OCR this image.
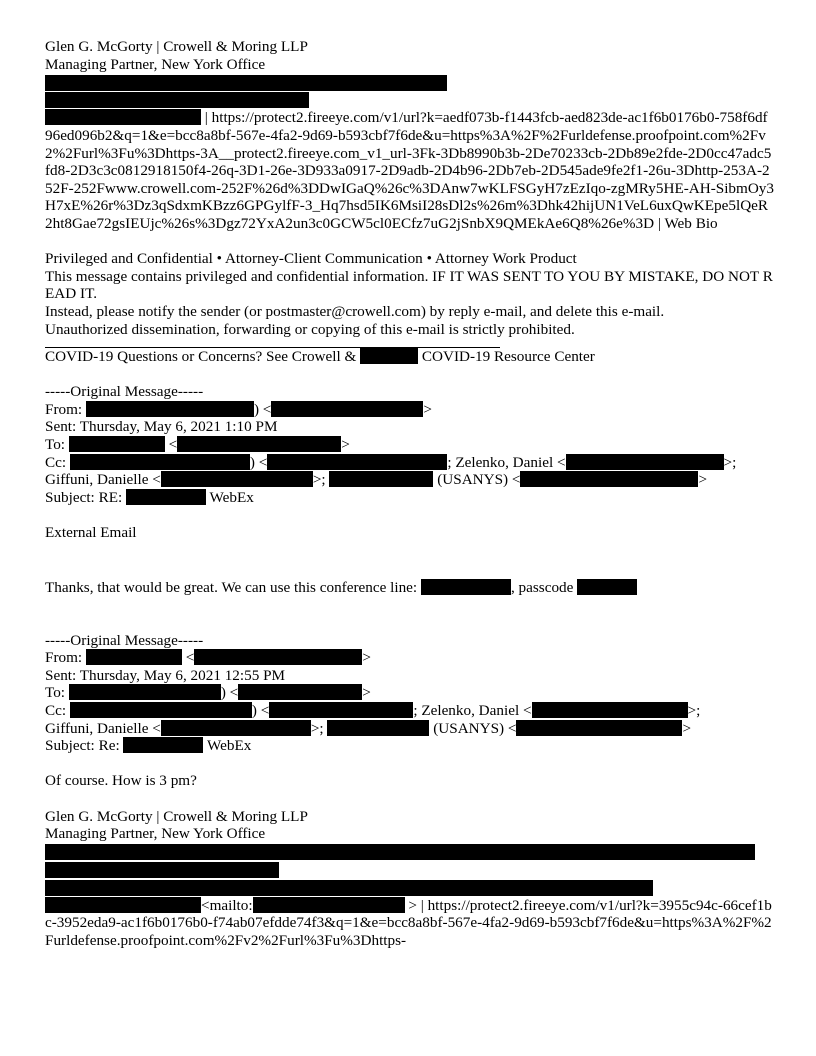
Glen G. McGorty | Crowell & Moring LLP
Managing Partner, New York Office
| https://protect2.fireeye.com/v1/url?k=aedf073b-f1443fcb-aed823de-ac1f6b0176b0-758f6df96ed096b2&q=1&e=bcc8a8bf-567e-4fa2-9d69-b593cbf7f6de&u=https%3A%2F%2Furldefense.proofpoint.com%2Fv2%2Furl%3Fu%3Dhttps-3A__protect2.fireeye.com_v1_url-3Fk-3Db8990b3b-2De70233cb-2Db89e2fde-2D0cc47adc5fd8-2D3c3c0812918150f4-26q-3D1-26e-3D933a0917-2D9adb-2D4b96-2Db7eb-2D545ade9fe2f1-26u-3Dhttp-253A-252F-252Fwww.crowell.com-252F%26d%3DDwIGaQ%26c%3DAnw7wKLFSGyH7zEzIqo-zgMRy5HE-AH-SibmOy3H7xE%26r%3Dz3qSdxmKBzz6GPGylfF-3_Hq7hsd5IK6MsiI28sDl2s%26m%3Dhk42hijUN1VeL6uxQwKEpe5lQeR2ht8Gae72gsIEUjc%26s%3Dgz72YxA2un3c0GCW5cl0ECfz7uG2jSnbX9QMEkAe6Q8%26e%3D | Web Bio
Privileged and Confidential • Attorney-Client Communication • Attorney Work Product
This message contains privileged and confidential information. IF IT WAS SENT TO YOU BY MISTAKE, DO NOT READ IT.
Instead, please notify the sender (or postmaster@crowell.com) by reply e-mail, and delete this e-mail.
Unauthorized dissemination, forwarding or copying of this e-mail is strictly prohibited.
COVID-19 Questions or Concerns? See Crowell &	COVID-19 Resource Center
-----Original Message-----
From:	) <	>
Sent: Thursday, May 6, 2021 1:10 PM
To:	<	>
Cc:	) <	; Zelenko, Daniel <	>;
Giffuni, Danielle <	>;	(USANYS) <	>
Subject: RE:	WebEx
External Email
Thanks, that would be great. We can use this conference line:	, passcode
-----Original Message-----
From:	<	>
Sent: Thursday, May 6, 2021 12:55 PM
To:	) <	>
Cc:	) <	; Zelenko, Daniel <	>;
Giffuni, Danielle <	>;	(USANYS) <	>
Subject: Re:	WebEx
Of course. How is 3 pm?
Glen G. McGorty | Crowell & Moring LLP
Managing Partner, New York Office
<mailto:	> | https://protect2.fireeye.com/v1/url?k=3955c94c-66cef1bc-3952eda9-ac1f6b0176b0-f74ab07efdde74f3&q=1&e=bcc8a8bf-567e-4fa2-9d69-b593cbf7f6de&u=https%3A%2F%2Furldefense.proofpoint.com%2Fv2%2Furl%3Fu%3Dhttps-
